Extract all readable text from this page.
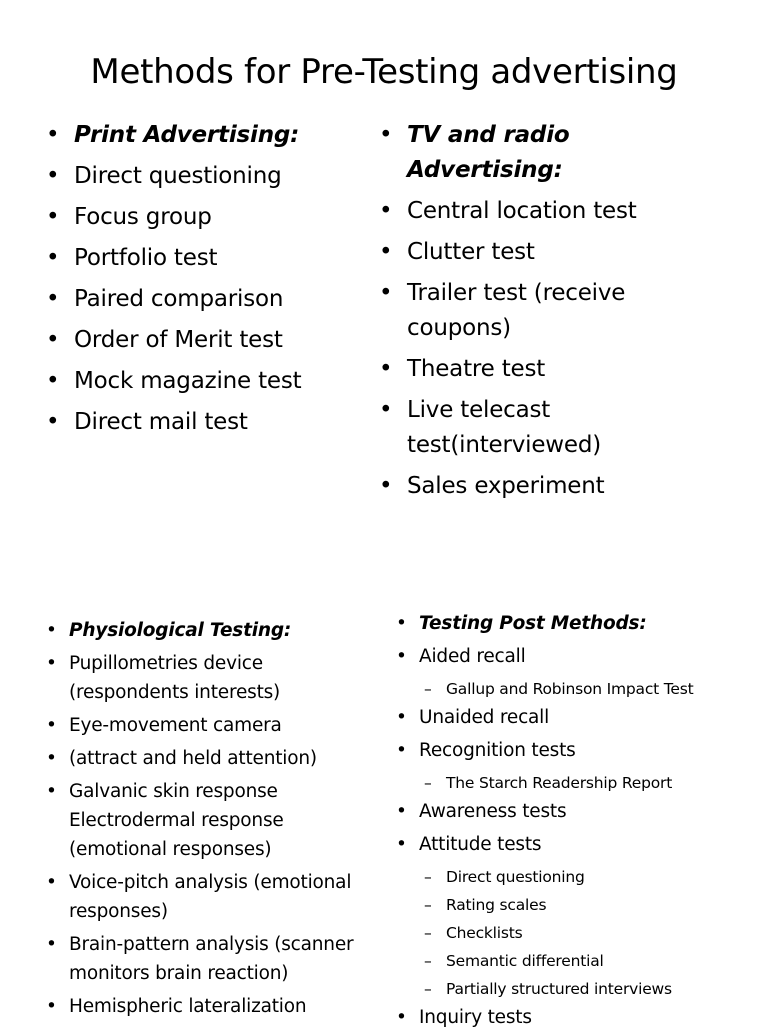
Methods for Pre-Testing advertising
• Print Advertising:
• Direct questioning
• Focus group
• Portfolio test
• Paired comparison
• Order of Merit test
• Mock magazine test
• Direct mail test
• TV and radio
Advertising:
• Central location test
• Clutter test
• Trailer test (receive
coupons)
• Theatre test
• Live telecast
test(interviewed)
• Sales experiment
• Physiological Testing:
• Pupillometries device
(respondents interests)
• Eye-movement camera
• (attract and held attention)
• Galvanic skin response
Electrodermal response
(emotional responses)
• Voice-pitch analysis (emotional
responses)
• Brain-pattern analysis (scanner
monitors brain reaction)
• Hemispheric lateralization
• Testing Post Methods:
• Aided recall
– Gallup and Robinson Impact Test
• Unaided recall
• Recognition tests
– The Starch Readership Report
• Awareness tests
• Attitude tests
– Direct questioning
– Rating scales
– Checklists
– Semantic differential
– Partially structured interviews
• Inquiry tests
